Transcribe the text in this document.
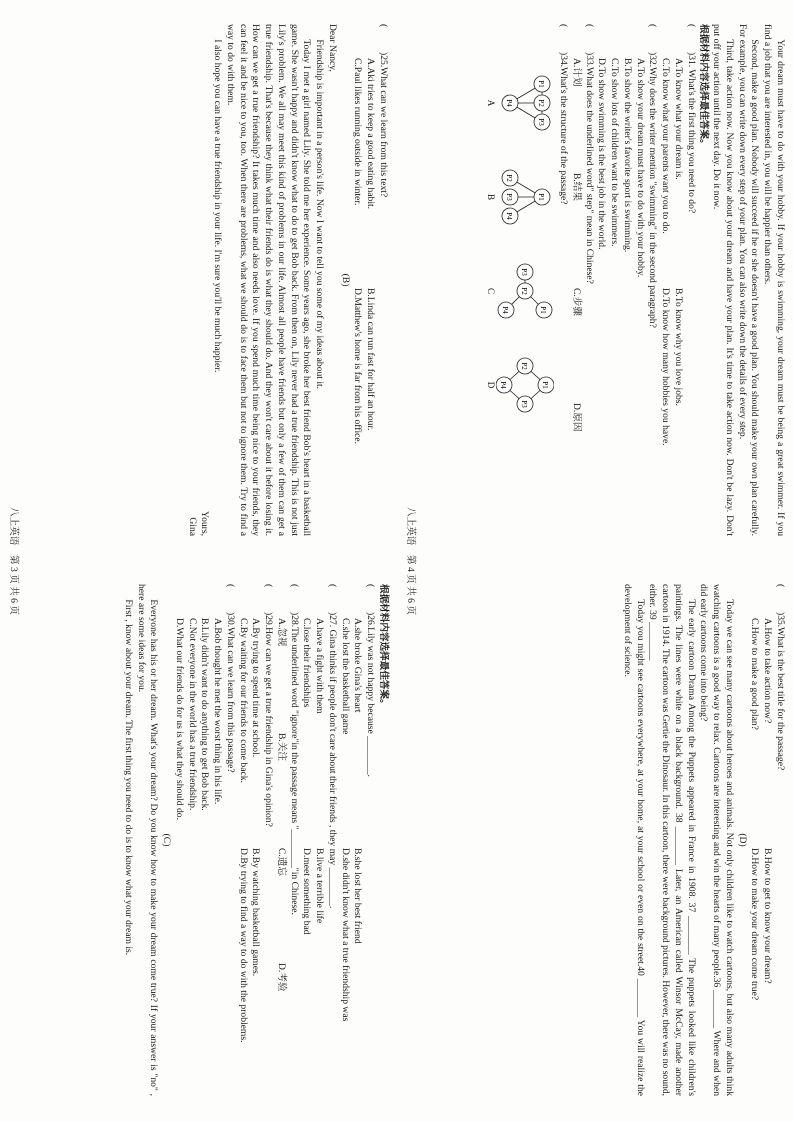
(
)25.What can we learn from this text?
A.Aki tries to keep a good eating habit.
B.Linda can run fast for half an hour.
C.Paul likes running outside in winter.
D.Matthew's home is far from his office.
(B)
Dear Nancy,
Friendship is important in a person's life. Now I want to tell you some of my ideas about it.
Today I met a girl named Lily. She told me her experience. Some years ago, she broke her best friend Bob's heart in a basketball game. She wasn't happy and didn't know what to do to get Bob back. From then on, Lily never had a true friendship. This is not just Lily's problem. We all may meet this kind of problems in our life. Almost all people have friends but only a few of them can get a true friendship. That's because they think what their friends do is what they should do. And they won't care about it before losing it. How can we get a true friendship? It takes much time and also needs love. If you spend much time being nice to your friends, they can feel it and be nice to you, too. When there are problems, what we should do is to face them but not to ignore them. Try to find a way to do with them.
I also hope you can have a true friendship in your life. I'm sure you'll be much happier.
Yours,
Gina
根据材料内容选择最佳答案。
(
)26.Lily was not happy because ________.
A.she broke Gina's heart
B.she lost her best friend
C.she lost the basketball game
D.she didn't know what a true friendship was
(
)27. Gina thinks if people don't care about their friends , they may ________.
A.have a fight with them
B.live a terrible life
C.lose their friendships
D.meet something bad
(
)28.The underlined word "ignore"in the passage means "________"in Chinese.
A.忽视
B.关注
C.遗忘
D.考验
(
)29.How can we get a true friendship in Gina's opinion?
A.By trying to spend time at school.
B.By watching basketball games.
C.By waiting for our friends to come back.
D.By trying to find a way to do with the problems.
(
)30.What can we learn from this passage?
A.Bob thought he met the worst thing in his life.
B.Lily didn't want to do anything to get Bob back.
C.Not everyone in the world has a true friendship.
D.What our friends do for us is what they should do.
(C)
Everyone has his or her dream. What's your dream? Do you know how to make your dream come true? If your answer is "no" , here are some ideas for you.
First , know about your dream. The first thing you need to do is to know what your dream is.
八上英语　第 3 页 共 6 页
Your dream must have to do with your hobby. If your hobby is swimming, your dream must be being a great swimmer. If you find a job that you are interested in, you will be happier than others.
Second, make a good plan. Nobody will succeed if he or she doesn't have a good plan. You should make your own plan carefully. For example, you can write down every step of your plan. You can also write down the details of every step.
Third, take action now. Now you know about your dream and have your plan. It's time to take action now. Don't be lazy. Don't put off your action until the next day. Do it now.
根据材料内容选择最佳答案。
(
)31. What's the first thing you need to do?
A.To know what your dream is.
B.To know why you love jobs.
C.To know what your parents want you to do.
D.To know how many hobbies you have.
(
)32.Why does the writer mention "swimming" in the second paragraph?
A.To show your dream must have to do with your hobby.
B.To show the writer's favorite sport is swimming.
C.To show lots of children want to be swimmers.
D.To show swimming is the best job in the world.
(
)33.What does the underlined word" step" mean in Chinese?
A.计划
B.结果
C.步骤
D.原因
(
)34.What's the structure of the passage?
P1
P2
P3
P4
A
P1
P2
P3
P4
B
P1
P2
P3
P4
C
P1
P2
P3
P4
D
(
)35.What is the best title for the passage?
A.How to take action now?
B.How to get to know your dream?
C.How to make a good plan?
D.How to make your dream come true?
(D)
Today we can see many cartoons about heroes and animals. Not only children like to watch cartoons, but also many adults think watching cartoons is a good way to relax. Cartoons are interesting and win the hearts of many people.36 ________ Where and when did early cartoons come into being?
The early cartoon Drama Among the Puppets appeared in France in 1908. 37 ________ The puppets looked like children's paintings. The lines were white on a black background. 38 ________ Later, an American called Winsor McCay, made another cartoon in 1914. The cartoon was Gertie the Dinosaur. In this cartoon, there were background pictures. However, there was no sound, either. 39 ________
Today you might see cartoons everywhere, at your home, at your school or even on the street.40 ________ You will realize the development of science.
八上英语　第 4 页 共 6 页
